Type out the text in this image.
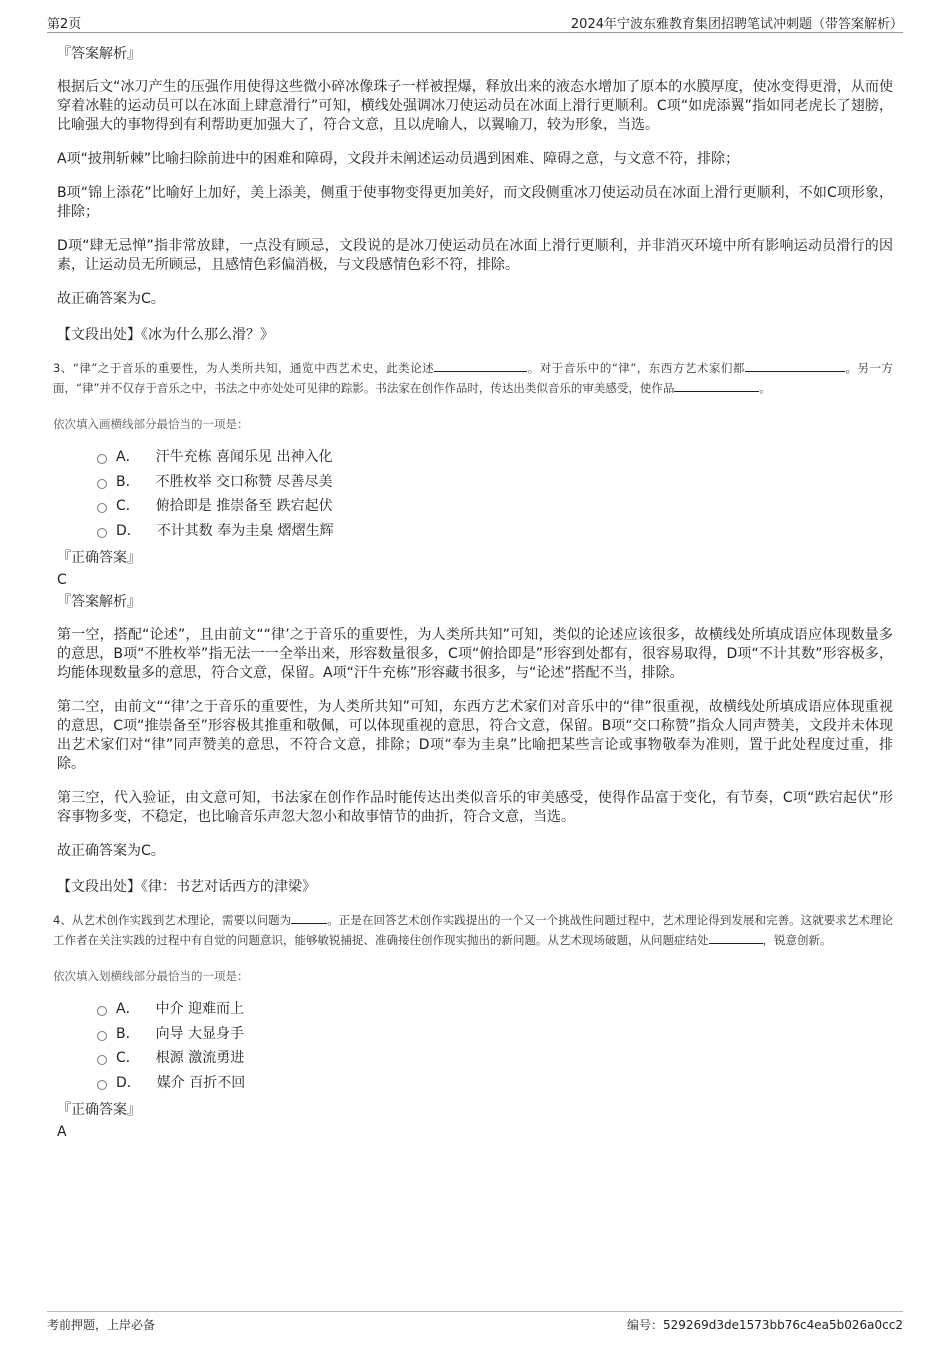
第2页	2024年宁波东雅教育集团招聘笔试冲刺题（带答案解析）
『答案解析』
根据后文“冰刀产生的压强作用使得这些微小碎冰像珠子一样被捏爆，释放出来的液态水增加了原本的水膜厚度，使冰变得更滑，从而使穿着冰鞋的运动员可以在冰面上肆意滑行”可知，横线处强调冰刀使运动员在冰面上滑行更顺利。C项“如虎添翼”指如同老虎长了翅膀，比喻强大的事物得到有利帮助更加强大了，符合文意，且以虎喻人，以翼喻刀，较为形象，当选。
A项“披荆斩棘”比喻扫除前进中的困难和障碍，文段并未阐述运动员遇到困难、障碍之意，与文意不符，排除；
B项“锦上添花”比喻好上加好，美上添美，侧重于使事物变得更加美好，而文段侧重冰刀使运动员在冰面上滑行更顺利，不如C项形象，排除；
D项“肆无忌惮”指非常放肆，一点没有顾忌，文段说的是冰刀使运动员在冰面上滑行更顺利，并非消灭环境中所有影响运动员滑行的因素，让运动员无所顾忌，且感情色彩偏消极，与文段感情色彩不符，排除。
故正确答案为C。
【文段出处】《冰为什么那么滑？》
3、“律”之于音乐的重要性，为人类所共知，通览中西艺术史，此类论述	。对于音乐中的“律”，东西方艺术家们都	。另一方面，“律”并不仅存于音乐之中，书法之中亦处处可见律的踪影。书法家在创作作品时，传达出类似音乐的审美感受，使作品	。
依次填入画横线部分最恰当的一项是：
A． 汗牛充栋 喜闻乐见 出神入化
B． 不胜枚举 交口称赞 尽善尽美
C． 俯拾即是 推崇备至 跌宕起伏
D． 不计其数 奉为圭臬 熠熠生辉
『正确答案』
C
『答案解析』
第一空，搭配“论述”，且由前文““律’之于音乐的重要性，为人类所共知”可知，类似的论述应该很多，故横线处所填成语应体现数量多的意思，B项“不胜枚举”指无法一一全举出来，形容数量很多，C项“俯拾即是”形容到处都有，很容易取得，D项“不计其数”形容极多，均能体现数量多的意思，符合文意，保留。A项“汗牛充栋”形容藏书很多，与“论述”搭配不当，排除。
第二空，由前文““律’之于音乐的重要性，为人类所共知”可知，东西方艺术家们对音乐中的“律”很重视，故横线处所填成语应体现重视的意思，C项“推崇备至”形容极其推重和敬佩，可以体现重视的意思，符合文意，保留。B项“交口称赞”指众人同声赞美，文段并未体现出艺术家们对“律”同声赞美的意思，不符合文意，排除；D项“奉为圭臬”比喻把某些言论或事物敬奉为准则，置于此处程度过重，排除。
第三空，代入验证，由文意可知，书法家在创作作品时能传达出类似音乐的审美感受，使得作品富于变化，有节奏，C项“跌宕起伏”形容事物多变，不稳定，也比喻音乐声忽大忽小和故事情节的曲折，符合文意，当选。
故正确答案为C。
【文段出处】《律：书艺对话西方的津梁》
4、从艺术创作实践到艺术理论，需要以问题为	。正是在回答艺术创作实践提出的一个又一个挑战性问题过程中，艺术理论得到发展和完善。这就要求艺术理论工作者在关注实践的过程中有自觉的问题意识，能够敏锐捕捉、准确接住创作现实抛出的新问题。从艺术现场破题，从问题症结处	，锐意创新。
依次填入划横线部分最恰当的一项是：
A． 中介 迎难而上
B． 向导 大显身手
C． 根源 激流勇进
D． 媒介 百折不回
『正确答案』
A
考前押题，上岸必备	编号：529269d3de1573bb76c4ea5b026a0cc2
